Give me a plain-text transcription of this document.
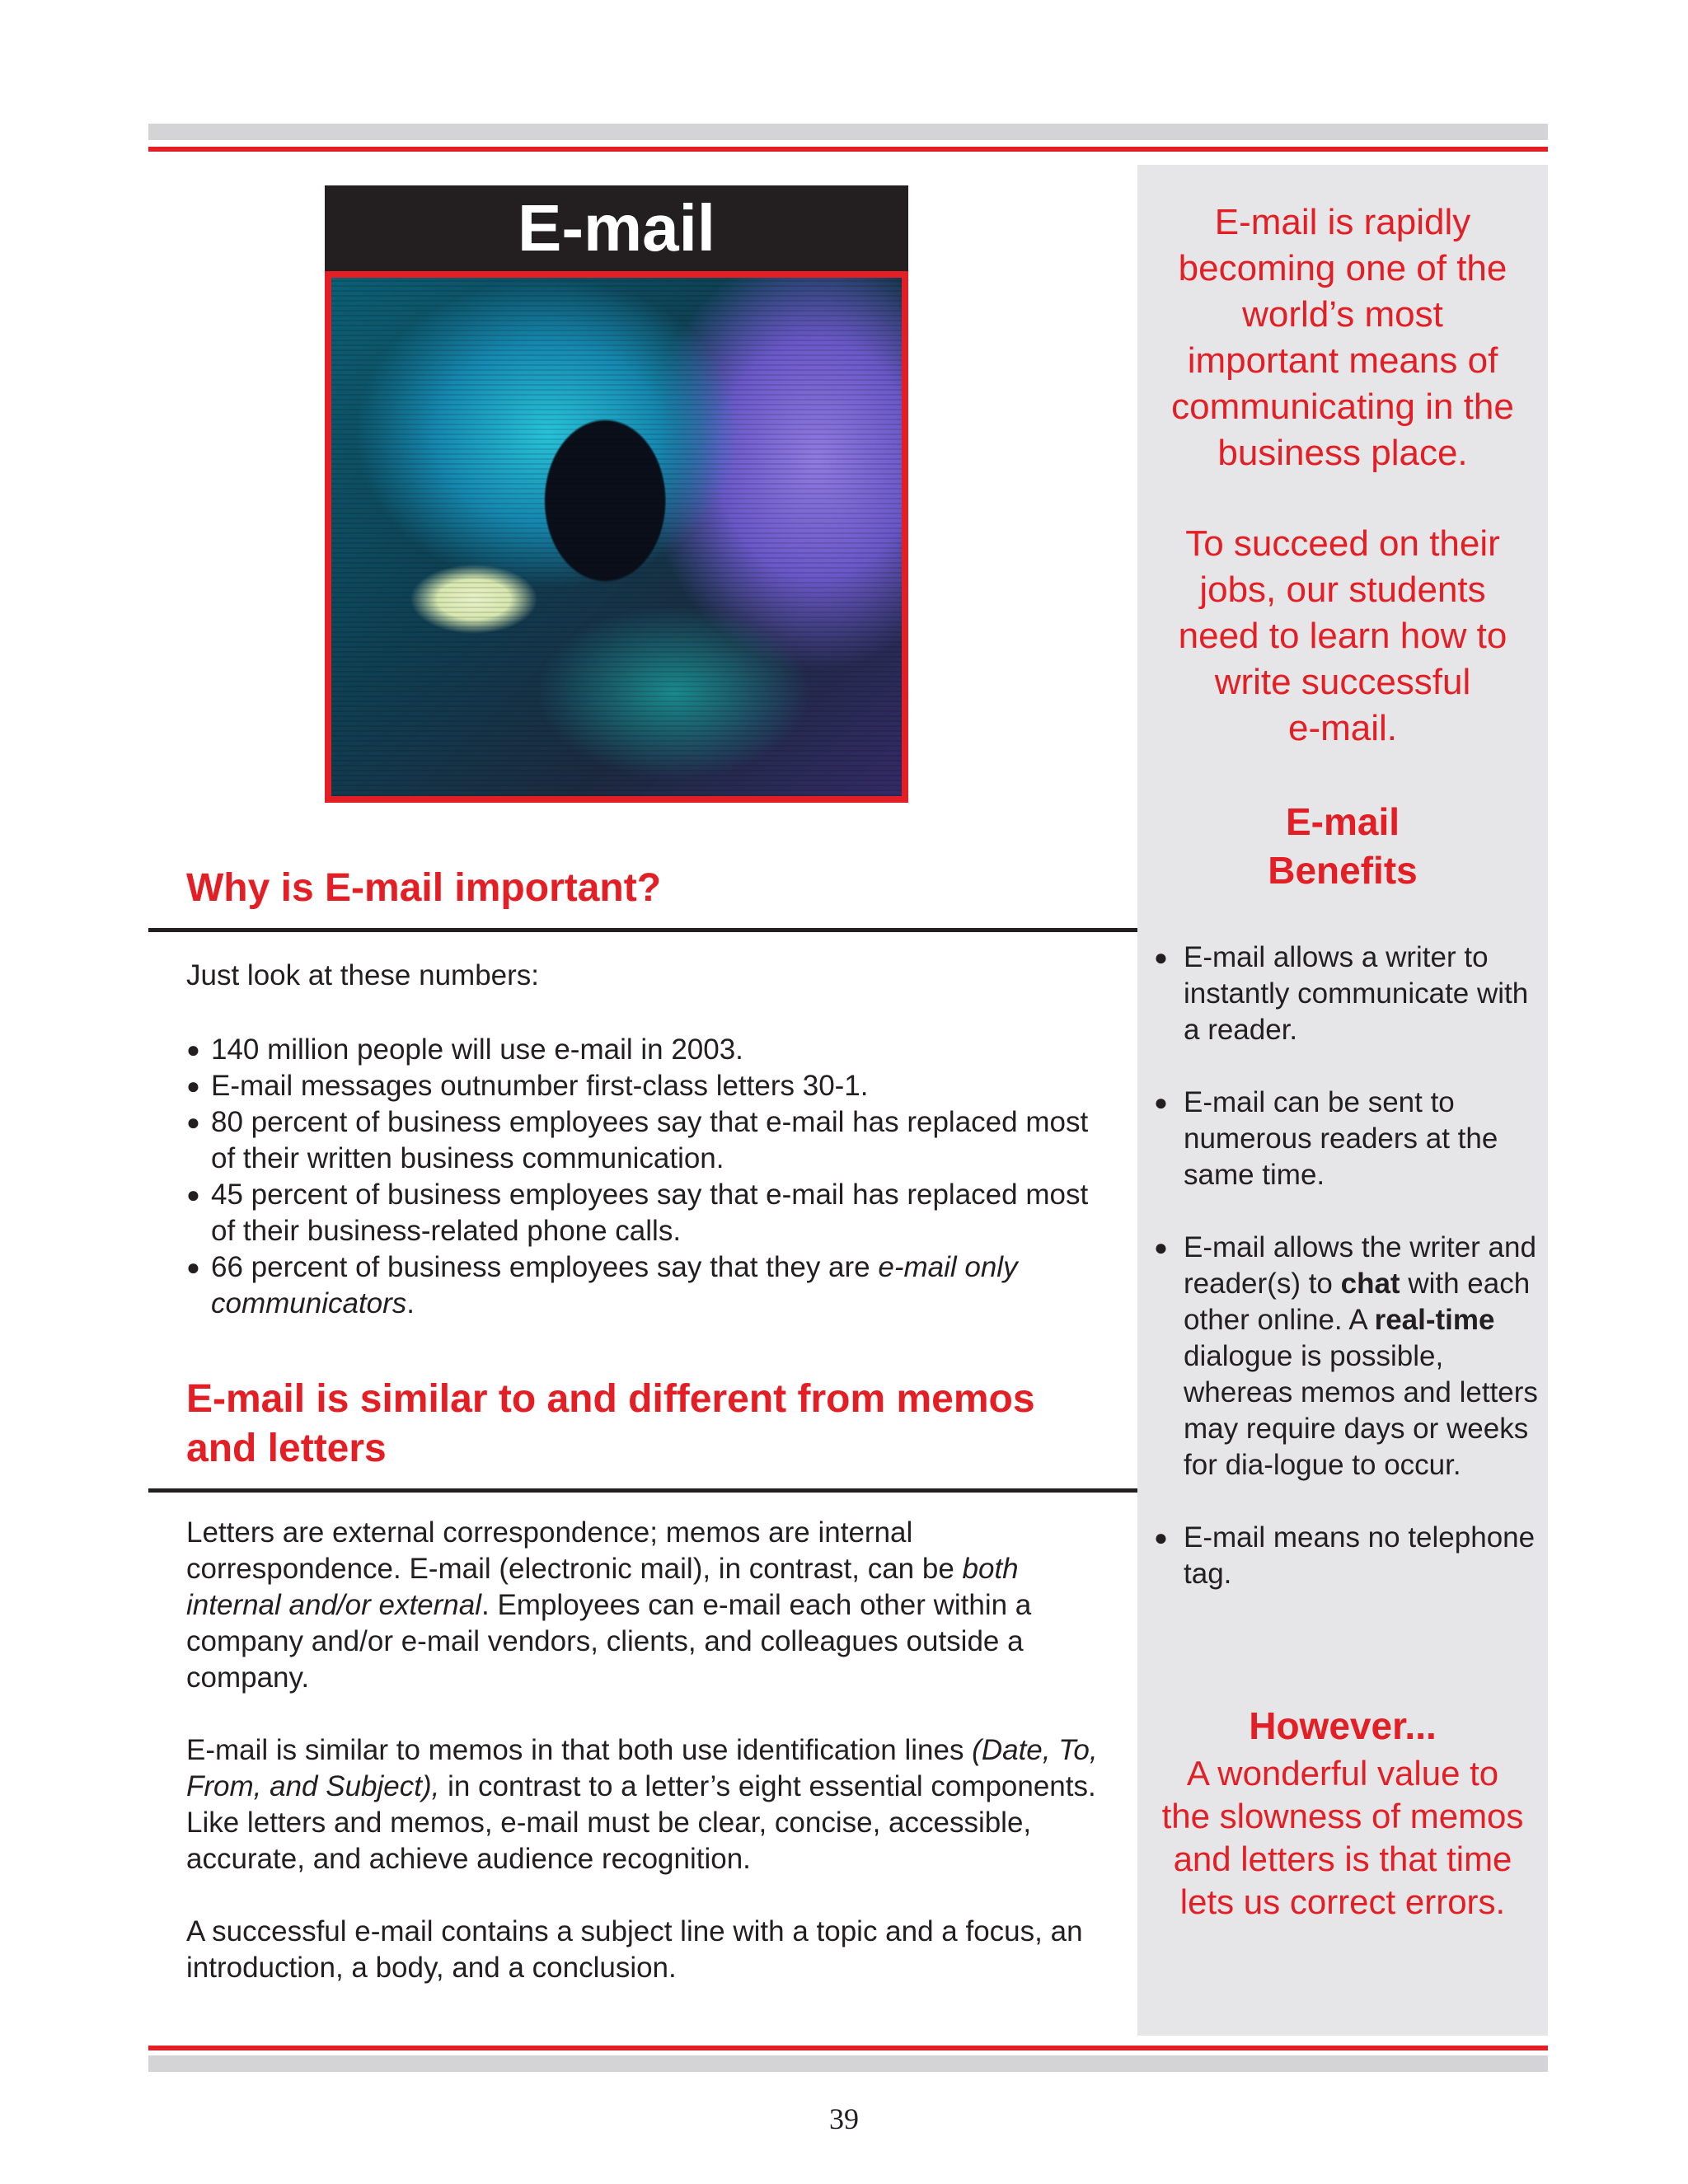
E-mail is rapidly
becoming one of the
world’s most
important means of
communicating in the
business place.

To succeed on their
jobs, our students
need to learn how to
write successful
e-mail.

E-mail
Benefits

● E-mail allows a writer to instantly communicate with a reader.
● E-mail can be sent to numerous readers at the same time.
● E-mail allows the writer and reader(s) to chat with each other online. A real-time dialogue is possible, whereas memos and letters may require days or weeks for dia-logue to occur.
● E-mail means no telephone tag.

However...

A wonderful value to
the slowness of memos
and letters is that time
lets us correct errors.

E-mail
Why is E-mail important?

Just look at these numbers:

● 140 million people will use e-mail in 2003.
● E-mail messages outnumber first-class letters 30-1.
● 80 percent of business employees say that e-mail has replaced most of their written business communication.
● 45 percent of business employees say that e-mail has replaced most of their business-related phone calls.
● 66 percent of business employees say that they are e-mail only communicators.
E-mail is similar to and different from memos and letters
Letters are external correspondence; memos are internal correspondence. E-mail (electronic mail), in contrast, can be both internal and/or external. Employees can e-mail each other within a company and/or e-mail vendors, clients, and colleagues outside a company.
E-mail is similar to memos in that both use identification lines (Date, To, From, and Subject), in contrast to a letter’s eight essential components. Like letters and memos, e-mail must be clear, concise, accessible, accurate, and achieve audience recognition.
A successful e-mail contains a subject line with a topic and a focus, an introduction, a body, and a conclusion.
39
